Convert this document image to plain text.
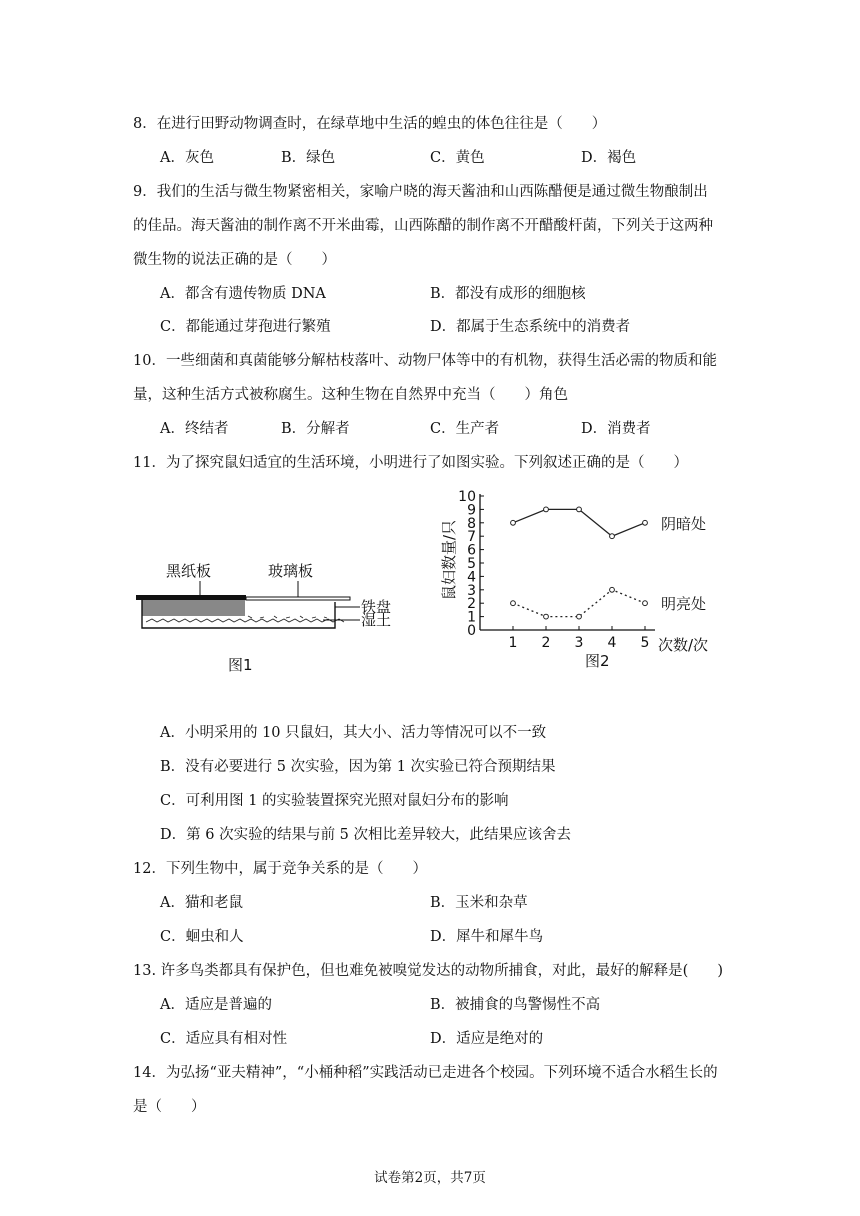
8．在进行田野动物调查时，在绿草地中生活的蝗虫的体色往往是（　　）
A．灰色	B．绿色	C．黄色	D．褐色
9．我们的生活与微生物紧密相关，家喻户晓的海天酱油和山西陈醋便是通过微生物酿制出
的佳品。海天酱油的制作离不开米曲霉，山西陈醋的制作离不开醋酸杆菌，下列关于这两种
微生物的说法正确的是（　　）
A．都含有遗传物质 DNA	B．都没有成形的细胞核
C．都能通过芽孢进行繁殖	D．都属于生态系统中的消费者
10．一些细菌和真菌能够分解枯枝落叶、动物尸体等中的有机物，获得生活必需的物质和能
量，这种生活方式被称腐生。这种生物在自然界中充当（　　）角色
A．终结者	B．分解者	C．生产者	D．消费者
11．为了探究鼠妇适宜的生活环境，小明进行了如图实验。下列叙述正确的是（　　）
黑纸板	玻璃板
铁盘
湿土
图1
0
1
2
3
4
5
6
7
8
9
10
1 2 3 4 5
阴暗处
明亮处
鼠妇数量/只
次数/次
图2
A．小明采用的 10 只鼠妇，其大小、活力等情况可以不一致
B．没有必要进行 5 次实验，因为第 1 次实验已符合预期结果
C．可利用图 1 的实验装置探究光照对鼠妇分布的影响
D．第 6 次实验的结果与前 5 次相比差异较大，此结果应该舍去
12．下列生物中，属于竞争关系的是（　　）
A．猫和老鼠	B．玉米和杂草
C．蛔虫和人	D．犀牛和犀牛鸟
13. 许多鸟类都具有保护色，但也难免被嗅觉发达的动物所捕食，对此，最好的解释是(　　)
A．适应是普遍的	B．被捕食的鸟警惕性不高
C．适应具有相对性	D．适应是绝对的
14．为弘扬“亚夫精神”，“小桶种稻”实践活动已走进各个校园。下列环境不适合水稻生长的
是（　　）
试卷第2页，共7页
